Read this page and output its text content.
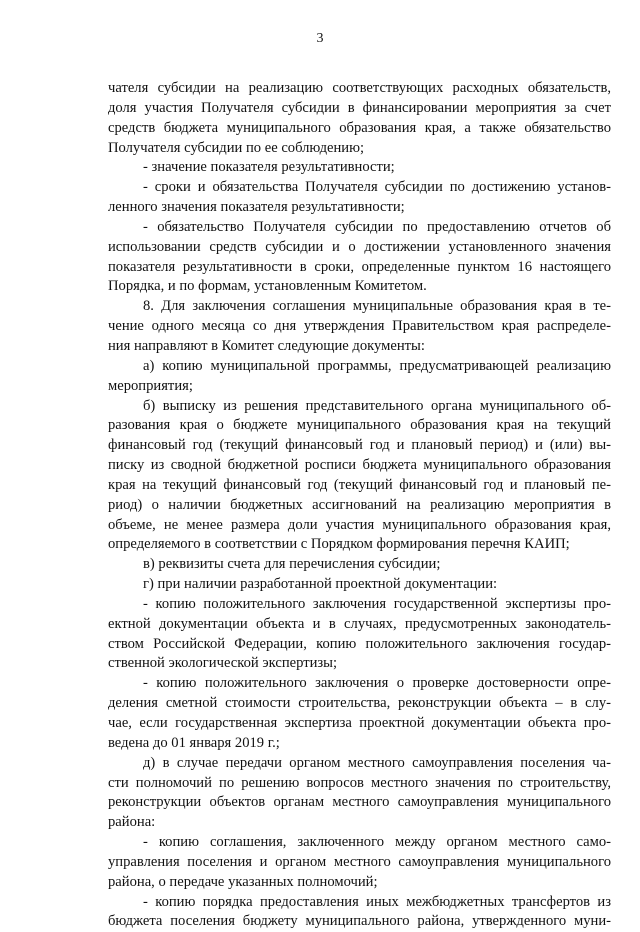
3
чателя субсидии на реализацию соответствующих расходных обязательств,
доля участия Получателя субсидии в финансировании мероприятия за счет
средств бюджета муниципального образования края, а также обязательство
Получателя субсидии по ее соблюдению;
- значение показателя результативности;
- сроки и обязательства Получателя субсидии по достижению установ-
ленного значения показателя результативности;
- обязательство Получателя субсидии по предоставлению отчетов об
использовании средств субсидии и о достижении установленного значения
показателя результативности в сроки, определенные пунктом 16 настоящего
Порядка, и по формам, установленным Комитетом.
8. Для заключения соглашения муниципальные образования края в те-
чение одного месяца со дня утверждения Правительством края распределе-
ния направляют в Комитет следующие документы:
а) копию муниципальной программы, предусматривающей реализацию
мероприятия;
б) выписку из решения представительного органа муниципального об-
разования края о бюджете муниципального образования края на текущий
финансовый год (текущий финансовый год и плановый период) и (или) вы-
писку из сводной бюджетной росписи бюджета муниципального образования
края на текущий финансовый год (текущий финансовый год и плановый пе-
риод) о наличии бюджетных ассигнований на реализацию мероприятия в
объеме, не менее размера доли участия муниципального образования края,
определяемого в соответствии с Порядком формирования перечня КАИП;
в) реквизиты счета для перечисления субсидии;
г) при наличии разработанной проектной документации:
- копию положительного заключения государственной экспертизы про-
ектной документации объекта и в случаях, предусмотренных законодатель-
ством Российской Федерации, копию положительного заключения государ-
ственной экологической экспертизы;
- копию положительного заключения о проверке достоверности опре-
деления сметной стоимости строительства, реконструкции объекта – в слу-
чае, если государственная экспертиза проектной документации объекта про-
ведена до 01 января 2019 г.;
д) в случае передачи органом местного самоуправления поселения ча-
сти полномочий по решению вопросов местного значения по строительству,
реконструкции объектов органам местного самоуправления муниципального
района:
- копию соглашения, заключенного между органом местного само-
управления поселения и органом местного самоуправления муниципального
района, о передаче указанных полномочий;
- копию порядка предоставления иных межбюджетных трансфертов из
бюджета поселения бюджету муниципального района, утвержденного муни-
